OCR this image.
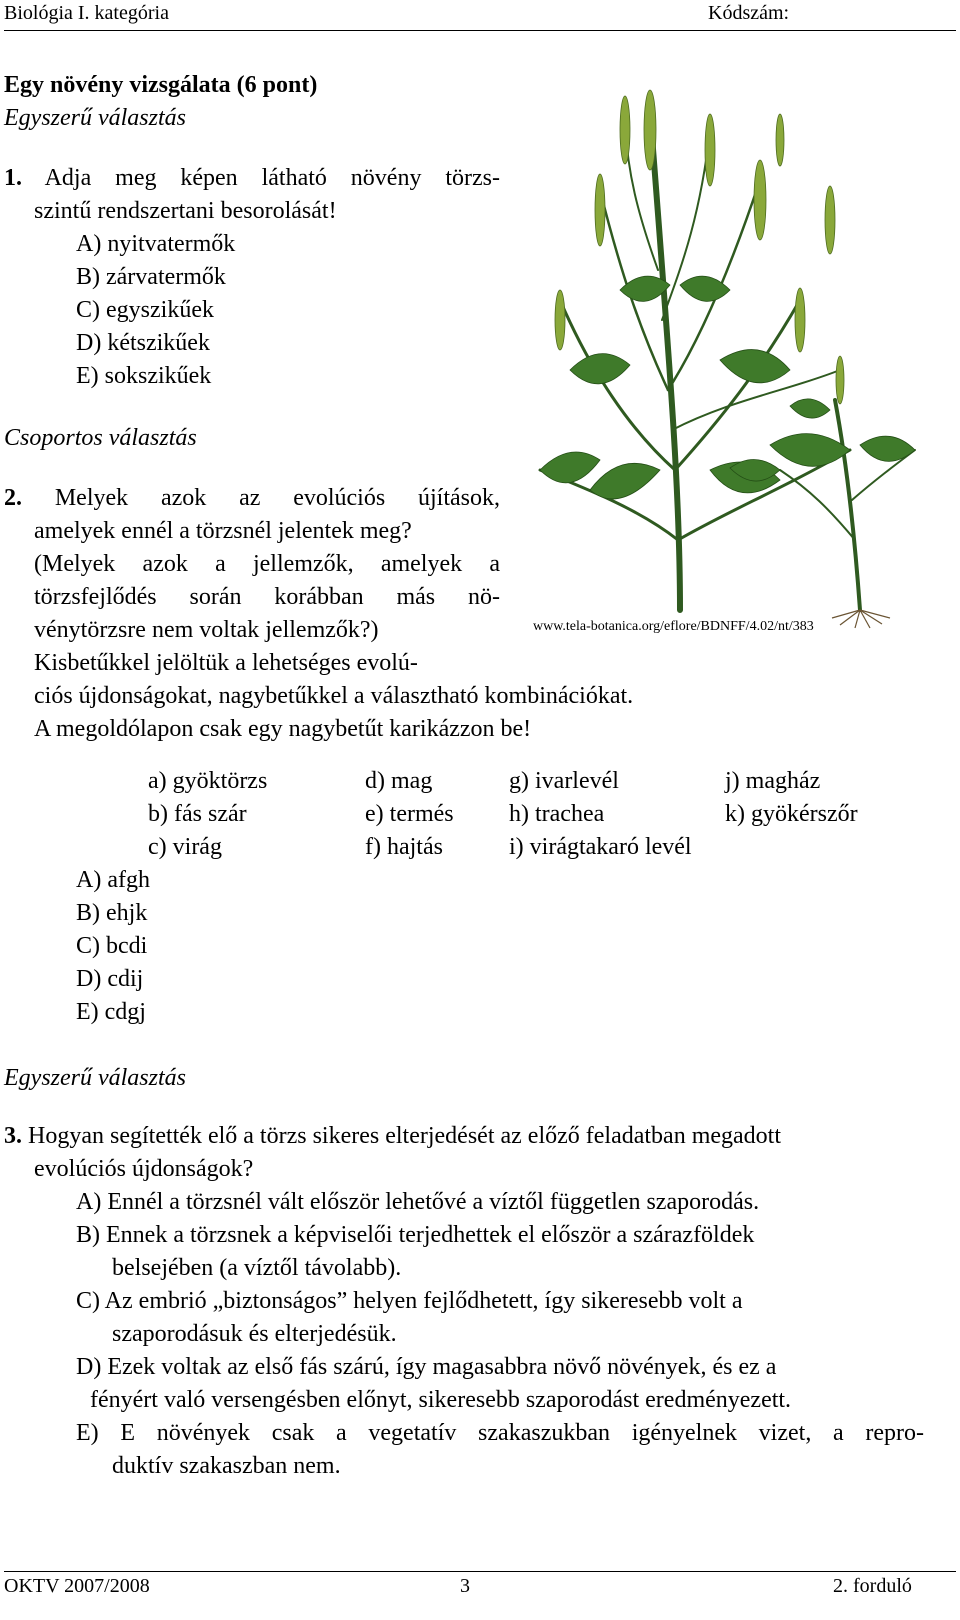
Biológia I. kategória	Kódszám:
Egy növény vizsgálata (6 pont)
Egyszerű választás
1. Adja meg képen látható növény törzs-
szintű rendszertani besorolását!
A) nyitvatermők
B) zárvatermők
C) egyszikűek
D) kétszikűek
E) sokszikűek
Csoportos választás
2. Melyek azok az evolúciós újítások,
amelyek ennél a törzsnél jelentek meg?
(Melyek azok a jellemzők, amelyek a
törzsfejlődés során korábban más nö-
vénytörzsre nem voltak jellemzők?)
Kisbetűkkel jelöltük a lehetséges evolú-
ciós újdonságokat, nagybetűkkel a választható kombinációkat.
A megoldólapon csak egy nagybetűt karikázzon be!
www.tela-botanica.org/eflore/BDNFF/4.02/nt/383
a) gyöktörzs	d) mag	g) ivarlevél	j) magház
b) fás szár	e) termés h) trachea	k) gyökérszőr
c) virág	f) hajtás	i) virágtakaró levél
A) afgh
B) ehjk
C) bcdi
D) cdij
E) cdgj
Egyszerű választás
3. Hogyan segítették elő a törzs sikeres elterjedését az előző feladatban megadott
evolúciós újdonságok?
A) Ennél a törzsnél vált először lehetővé a víztől független szaporodás.
B) Ennek a törzsnek a képviselői terjedhettek el először a szárazföldek
belsejében (a víztől távolabb).
C) Az embrió „biztonságos” helyen fejlődhetett, így sikeresebb volt a
szaporodásuk és elterjedésük.
D) Ezek voltak az első fás szárú, így magasabbra növő növények, és ez a
fényért való versengésben előnyt, sikeresebb szaporodást eredményezett.
E) E növények csak a vegetatív szakaszukban igényelnek vizet, a repro-
duktív szakaszban nem.
OKTV 2007/2008	3	2. forduló
